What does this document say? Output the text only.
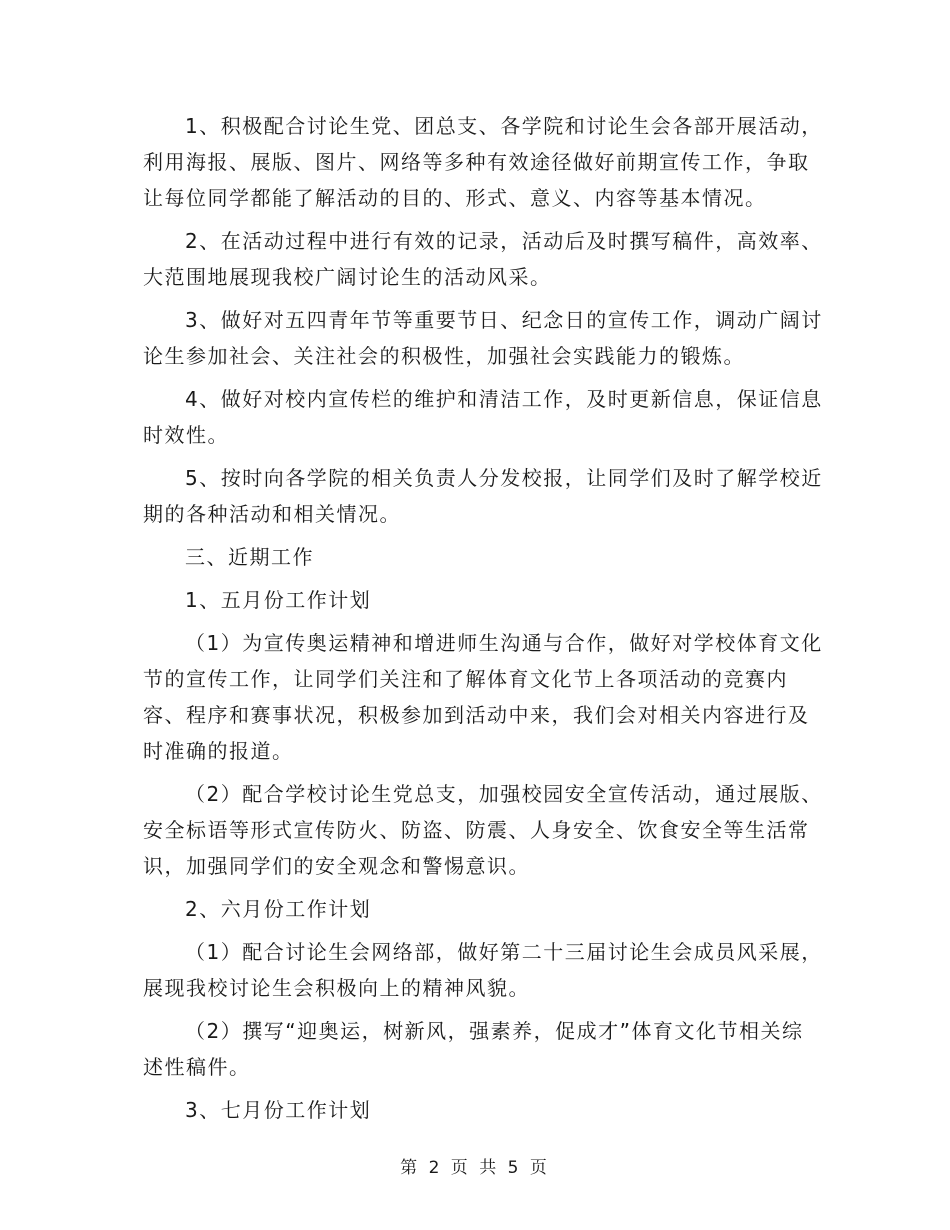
1、积极配合讨论生党、团总支、各学院和讨论生会各部开展活动，利用海报、展版、图片、网络等多种有效途径做好前期宣传工作，争取让每位同学都能了解活动的目的、形式、意义、内容等基本情况。

2、在活动过程中进行有效的记录，活动后及时撰写稿件，高效率、大范围地展现我校广阔讨论生的活动风采。

3、做好对五四青年节等重要节日、纪念日的宣传工作，调动广阔讨论生参加社会、关注社会的积极性，加强社会实践能力的锻炼。

4、做好对校内宣传栏的维护和清洁工作，及时更新信息，保证信息时效性。

5、按时向各学院的相关负责人分发校报，让同学们及时了解学校近期的各种活动和相关情况。

三、近期工作

1、五月份工作计划

（1）为宣传奥运精神和增进师生沟通与合作，做好对学校体育文化节的宣传工作，让同学们关注和了解体育文化节上各项活动的竞赛内容、程序和赛事状况，积极参加到活动中来，我们会对相关内容进行及时准确的报道。

（2）配合学校讨论生党总支，加强校园安全宣传活动，通过展版、安全标语等形式宣传防火、防盗、防震、人身安全、饮食安全等生活常识，加强同学们的安全观念和警惕意识。

2、六月份工作计划

（1）配合讨论生会网络部，做好第二十三届讨论生会成员风采展，展现我校讨论生会积极向上的精神风貌。

（2）撰写“迎奥运，树新风，强素养，促成才”体育文化节相关综述性稿件。

3、七月份工作计划

第 2 页 共 5 页
